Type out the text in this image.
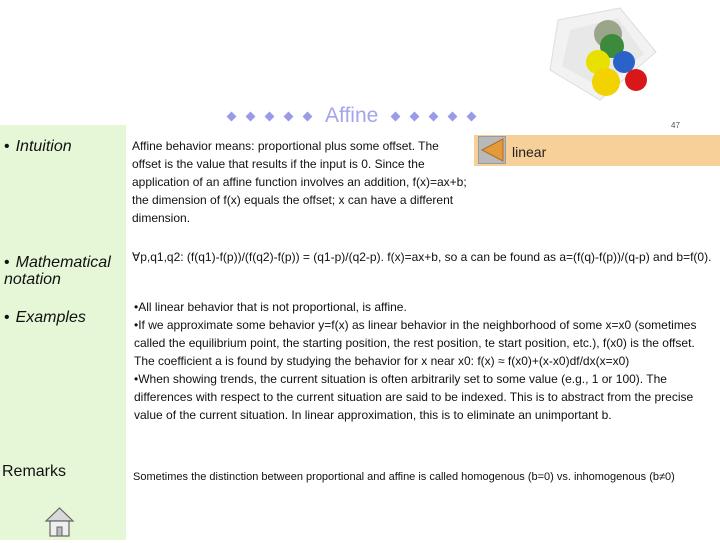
Affine	47
linear
• Intuition	Affine behavior means: proportional plus some offset. The offset is the value that results if the input is 0. Since the application of an affine function involves an addition, f(x)=ax+b; the dimension of f(x) equals the offset; x can have a different dimension.
• Mathematical notation
∀p,q1,q2: (f(q1)-f(p))/(f(q2)-f(p)) = (q1-p)/(q2-p). f(x)=ax+b, so a can be found as a=(f(q)-f(p))/(q-p) and b=f(0).
• Examples
•All linear behavior that is not proportional, is affine.
•If we approximate some behavior y=f(x) as linear behavior in the neighborhood of some x=x0 (sometimes called the equilibrium point, the starting position, the rest position, te start position, etc.), f(x0) is the offset. The coefficient a is found by studying the behavior for x near x0: f(x) ≈ f(x0)+(x-x0)df/dx(x=x0)
•When showing trends, the current situation is often arbitrarily set to some value (e.g., 1 or 100). The differences with respect to the current situation are said to be indexed. This is to abstract from the precise value of the current situation. In linear approximation, this is to eliminate an unimportant b.
Remarks	Sometimes the distinction between proportional and affine is called homogenous (b=0) vs. inhomogenous (b≠0)
